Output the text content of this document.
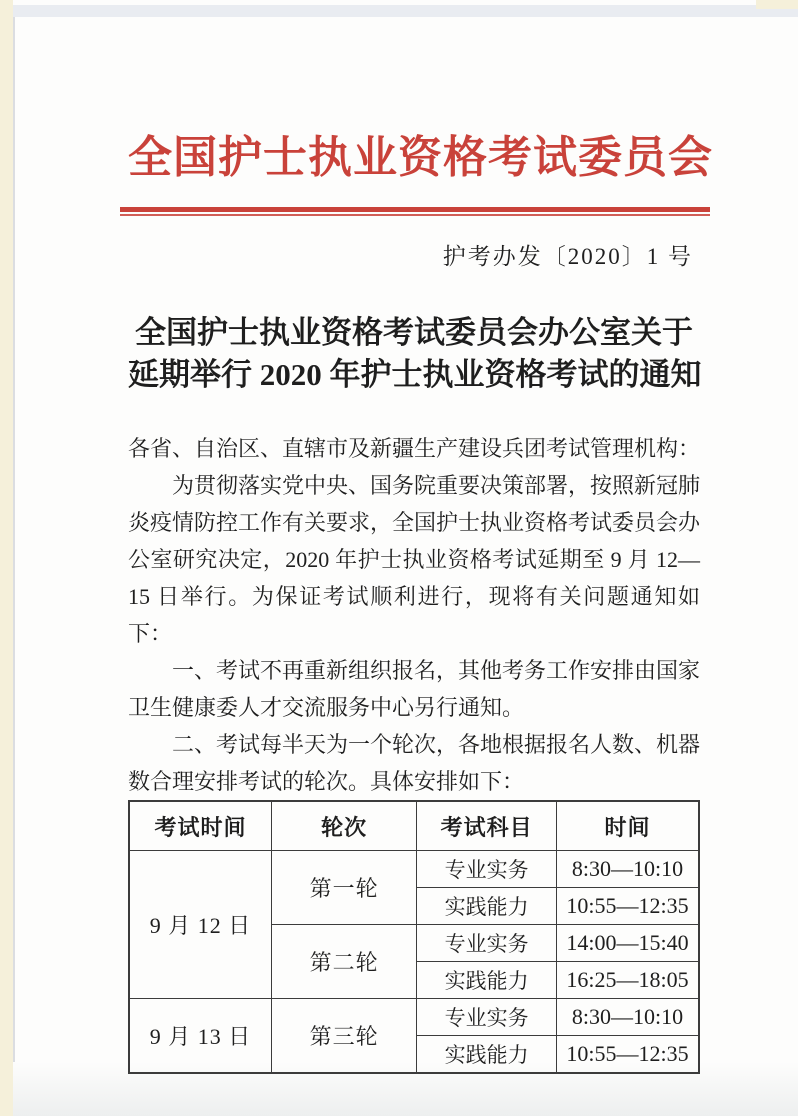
全国护士执业资格考试委员会
护考办发〔2020〕1 号
全国护士执业资格考试委员会办公室关于
延期举行 2020 年护士执业资格考试的通知

各省、自治区、直辖市及新疆生产建设兵团考试管理机构：

为贯彻落实党中央、国务院重要决策部署，按照新冠肺炎疫情防控工作有关要求，全国护士执业资格考试委员会办公室研究决定，2020 年护士执业资格考试延期至 9 月 12—15 日举行。为保证考试顺利进行，现将有关问题通知如下：

一、考试不再重新组织报名，其他考务工作安排由国家卫生健康委人才交流服务中心另行通知。

二、考试每半天为一个轮次，各地根据报名人数、机器数合理安排考试的轮次。具体安排如下：

考试时间	轮次	考试科目	时间
9 月 12 日	第一轮	专业实务	8:30—10:10
		实践能力	10:55—12:35
	第二轮	专业实务	14:00—15:40
		实践能力	16:25—18:05
9 月 13 日	第三轮	专业实务	8:30—10:10
		实践能力	10:55—12:35
